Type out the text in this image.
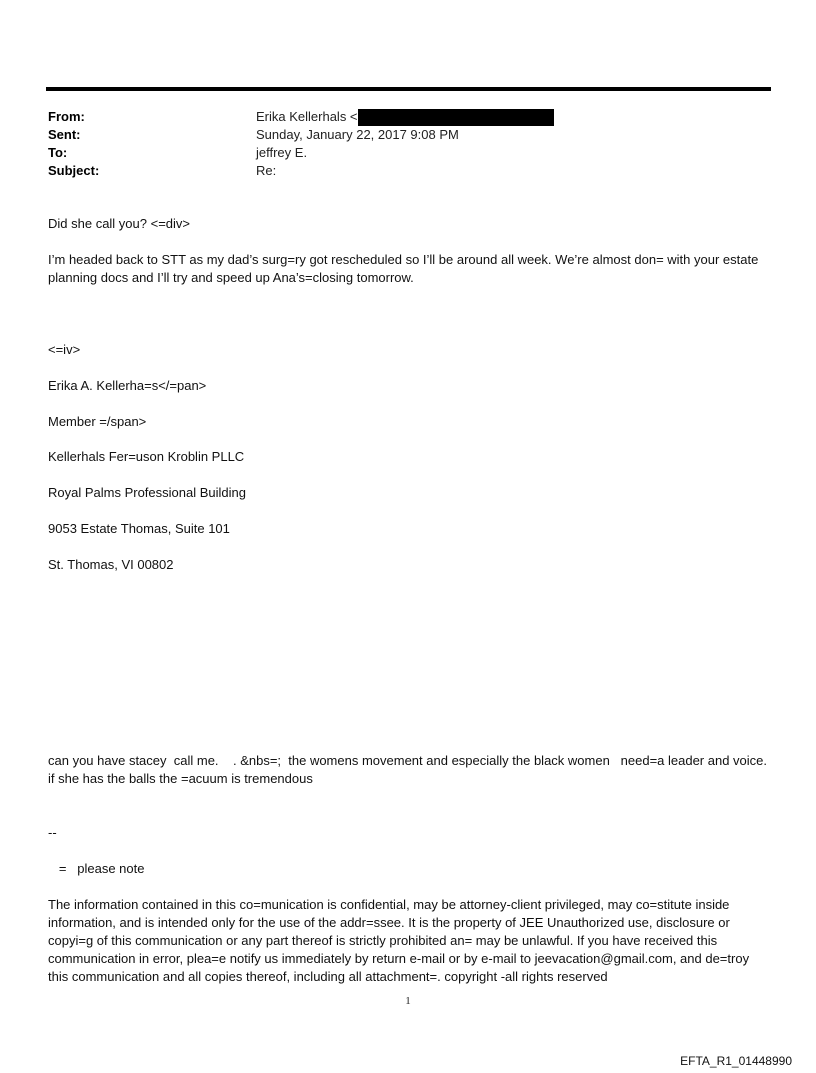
From:	Erika Kellerhals <
Sent:	Sunday, January 22, 2017 9:08 PM
To:	jeffrey E.
Subject:	Re:

Did she call you? <=div>

I’m headed back to STT as my dad’s surg=ry got rescheduled so I’ll be around all week. We’re almost don= with your estate planning docs and I’ll try and speed up Ana’s=closing tomorrow.

<=iv>

Erika A. Kellerha=s</=pan>

Member =/span>

Kellerhals Fer=uson Kroblin PLLC

Royal Palms Professional Building

9053 Estate Thomas, Suite 101

St. Thomas, VI 00802

can you have stacey  call me.    . &nbs=;  the womens movement and especially the black women   need=a leader and voice.     if she has the balls the =acuum is tremendous

--

=   please note

The information contained in this co=munication is confidential, may be attorney-client privileged, may co=stitute inside information, and is intended only for the use of the addr=ssee. It is the property of JEE Unauthorized use, disclosure or copyi=g of this communication or any part thereof is strictly prohibited an= may be unlawful. If you have received this communication in error, plea=e notify us immediately by return e-mail or by e-mail to jeevacation@gmail.com, and de=troy this communication and all copies thereof, including all attachment=. copyright -all rights reserved

1
EFTA_R1_01448990
